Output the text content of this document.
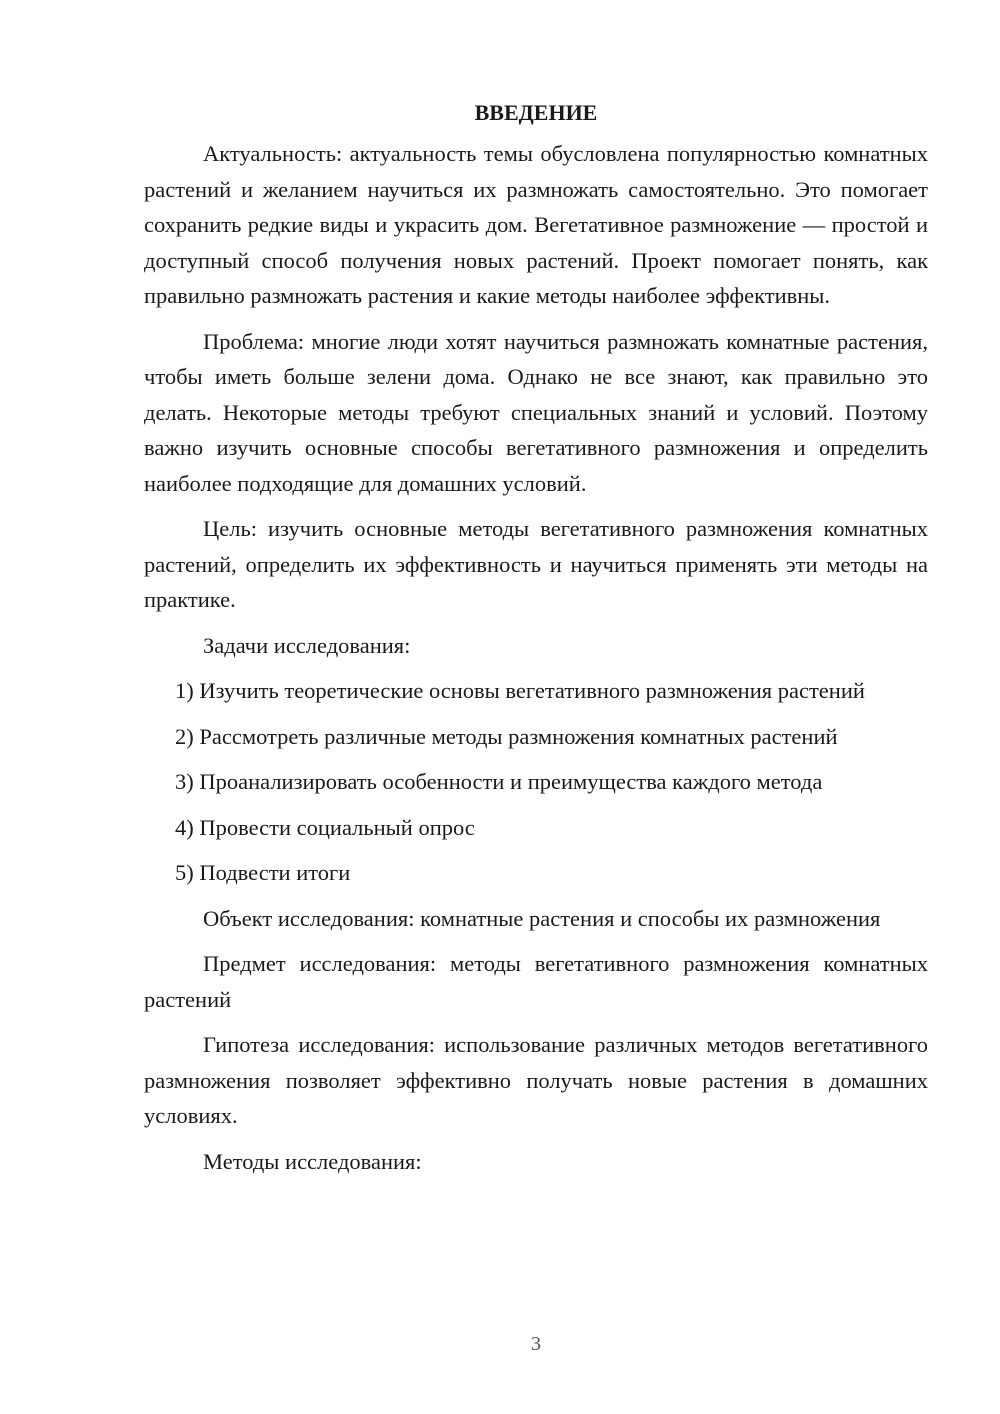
ВВЕДЕНИЕ

Актуальность: актуальность темы обусловлена популярностью комнатных растений и желанием научиться их размножать самостоятельно. Это помогает сохранить редкие виды и украсить дом. Вегетативное размножение — простой и доступный способ получения новых растений. Проект помогает понять, как правильно размножать растения и какие методы наиболее эффективны.

Проблема: многие люди хотят научиться размножать комнатные растения, чтобы иметь больше зелени дома. Однако не все знают, как правильно это делать. Некоторые методы требуют специальных знаний и условий. Поэтому важно изучить основные способы вегетативного размножения и определить наиболее подходящие для домашних условий.

Цель: изучить основные методы вегетативного размножения комнатных растений, определить их эффективность и научиться применять эти методы на практике.

Задачи исследования:

1) Изучить теоретические основы вегетативного размножения растений

2) Рассмотреть различные методы размножения комнатных растений

3) Проанализировать особенности и преимущества каждого метода

4) Провести социальный опрос

5) Подвести итоги

Объект исследования: комнатные растения и способы их размножения

Предмет исследования: методы вегетативного размножения комнатных растений

Гипотеза исследования: использование различных методов вегетативного размножения позволяет эффективно получать новые растения в домашних условиях.

Методы исследования:

3
